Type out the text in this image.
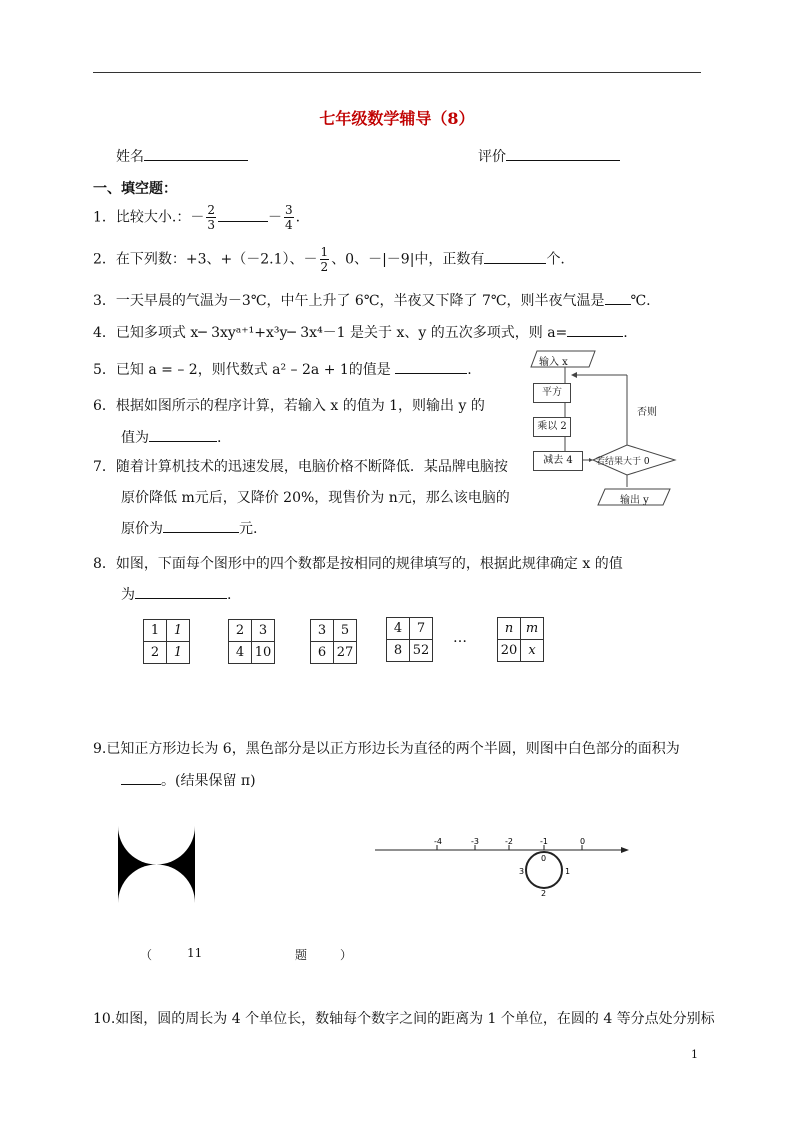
七年级数学辅导（8）
姓名	评价
一、填空题：
1．比较大小.：－ $\frac{2}{3}$	－ $\frac{3}{4}$ .
2．在下列数：+3、+（－2.1）、－ $\frac{1}{2}$ 、0、－|－9|中，正数有	个.
3．一天早晨的气温为－3℃，中午上升了 6℃，半夜又下降了 7℃，则半夜气温是 ℃.
4．已知多项式 x─ 3xyᵃ⁺¹+x³y─ 3x⁴－1 是关于 x、y 的五次多项式，则 a=	.
5．已知 a = – 2，则代数式 a² – 2a + 1的值是	.
6．根据如图所示的程序计算，若输入 x 的值为 1，则输出 y 的
值为	.
7．随着计算机技术的迅速发展，电脑价格不断降低．某品牌电脑按
原价降低 m元后，又降价 20%，现售价为 n元，那么该电脑的
原价为	元.
输入 x
平方
乘以 2
减去 4	若结果大于 0
否则
输出 y
8．如图，下面每个图形中的四个数都是按相同的规律填写的，根据此规律确定 x 的值
为	.
1	1
2	1
2	3
4	10
3	5
6	27
4	7
8	52
…
n	m
20	x
9.已知正方形边长为 6，黑色部分是以正方形边长为直径的两个半圆，则图中白色部分的面积为
。(结果保留 π)
-4	-3	-2	-1	0
0
1
2
3
（	11	题	）
10.如图，圆的周长为 4 个单位长，数轴每个数字之间的距离为 1 个单位，在圆的 4 等分点处分别标
1
